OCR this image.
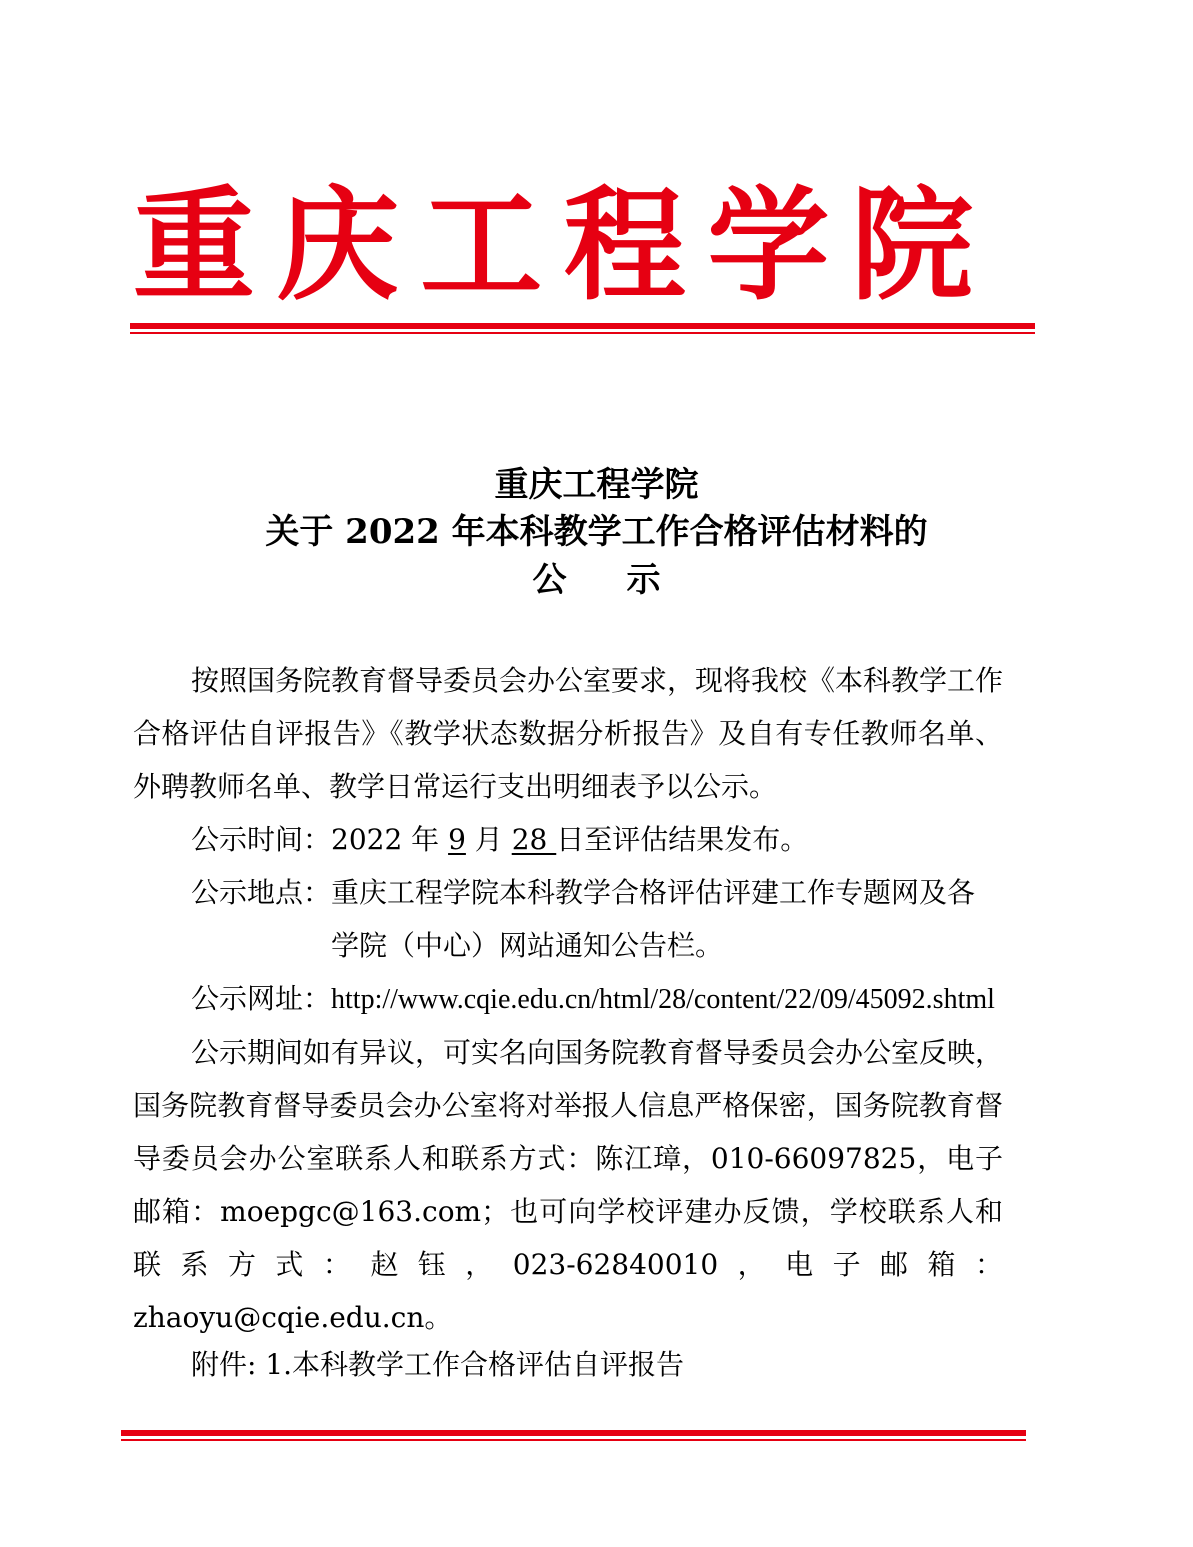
重 庆 工 程 学 院
重庆工程学院
关于 2022 年本科教学工作合格评估材料的
公示

按照国务院教育督导委员会办公室要求，现将我校《本科教学工作合格评估自评报告》《教学状态数据分析报告》及自有专任教师名单、外聘教师名单、教学日常运行支出明细表予以公示。

公示时间：2022 年 9 月 28 日至评估结果发布。

公示地点： 重庆工程学院本科教学合格评估评建工作专题网及各学院（中心）网站通知公告栏。

公示网址：http://www.cqie.edu.cn/html/28/content/22/09/45092.shtml

公示期间如有异议，可实名向国务院教育督导委员会办公室反映，国务院教育督导委员会办公室将对举报人信息严格保密，国务院教育督导委员会办公室联系人和联系方式：陈江璋，010-66097825，电子邮箱：moepgc@163.com；也可向学校评建办反馈，学校联系人和联系方式：赵钰，023-62840010，电子邮箱：zhaoyu@cqie.edu.cn。

附件: 1.本科教学工作合格评估自评报告
